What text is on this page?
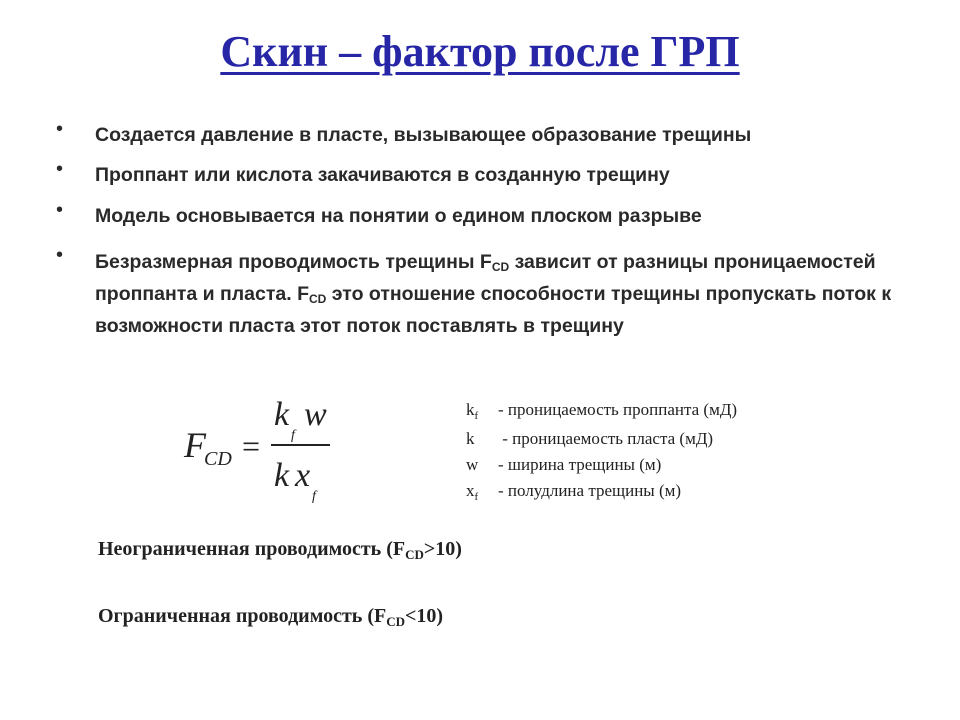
Скин – фактор после ГРП
• Создается давление в пласте, вызывающее образование трещины
• Проппант или кислота закачиваются в созданную трещину
• Модель основывается на понятии о едином плоском разрыве
• Безразмерная проводимость трещины $F_{CD}$ зависит от разницы проницаемостей проппанта и пласта. $F_{CD}$ это отношение способности трещины пропускать поток к возможности пласта этот поток поставлять в трещину
F
CD =
k
f
w
k x
f
$k_f$ - проницаемость проппанта (мД)
k - проницаемость пласта (мД)
w - ширина трещины (м)
$x_f$ - полудлина трещины (м)
Неограниченная проводимость $(F_{CD}>10)$
Ограниченная проводимость $(F_{CD}<10)$
